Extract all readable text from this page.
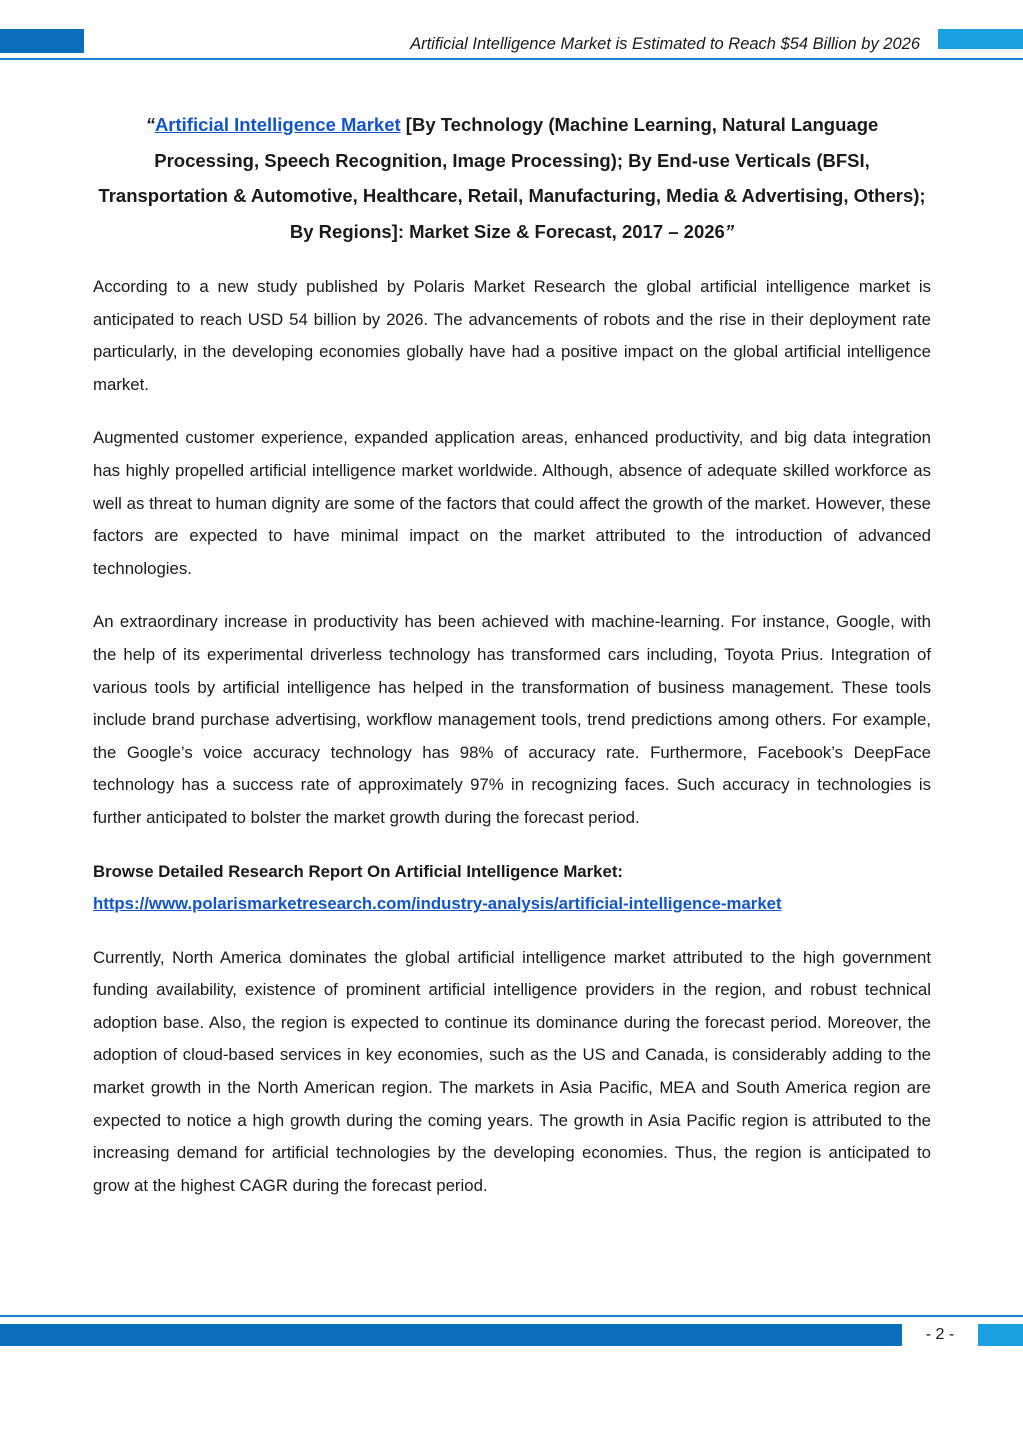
Artificial Intelligence Market is Estimated to Reach $54 Billion by 2026
“Artificial Intelligence Market [By Technology (Machine Learning, Natural Language Processing, Speech Recognition, Image Processing); By End-use Verticals (BFSI, Transportation & Automotive, Healthcare, Retail, Manufacturing, Media & Advertising, Others); By Regions]: Market Size & Forecast, 2017 – 2026”

According to a new study published by Polaris Market Research the global artificial intelligence market is anticipated to reach USD 54 billion by 2026. The advancements of robots and the rise in their deployment rate particularly, in the developing economies globally have had a positive impact on the global artificial intelligence market.

Augmented customer experience, expanded application areas, enhanced productivity, and big data integration has highly propelled artificial intelligence market worldwide. Although, absence of adequate skilled workforce as well as threat to human dignity are some of the factors that could affect the growth of the market. However, these factors are expected to have minimal impact on the market attributed to the introduction of advanced technologies.

An extraordinary increase in productivity has been achieved with machine-learning. For instance, Google, with the help of its experimental driverless technology has transformed cars including, Toyota Prius. Integration of various tools by artificial intelligence has helped in the transformation of business management. These tools include brand purchase advertising, workflow management tools, trend predictions among others. For example, the Google’s voice accuracy technology has 98% of accuracy rate. Furthermore, Facebook’s DeepFace technology has a success rate of approximately 97% in recognizing faces. Such accuracy in technologies is further anticipated to bolster the market growth during the forecast period.

Browse Detailed Research Report On Artificial Intelligence Market:
https://www.polarismarketresearch.com/industry-analysis/artificial-intelligence-market

Currently, North America dominates the global artificial intelligence market attributed to the high government funding availability, existence of prominent artificial intelligence providers in the region, and robust technical adoption base. Also, the region is expected to continue its dominance during the forecast period. Moreover, the adoption of cloud-based services in key economies, such as the US and Canada, is considerably adding to the market growth in the North American region. The markets in Asia Pacific, MEA and South America region are expected to notice a high growth during the coming years. The growth in Asia Pacific region is attributed to the increasing demand for artificial technologies by the developing economies. Thus, the region is anticipated to grow at the highest CAGR during the forecast period.

- 2 -
